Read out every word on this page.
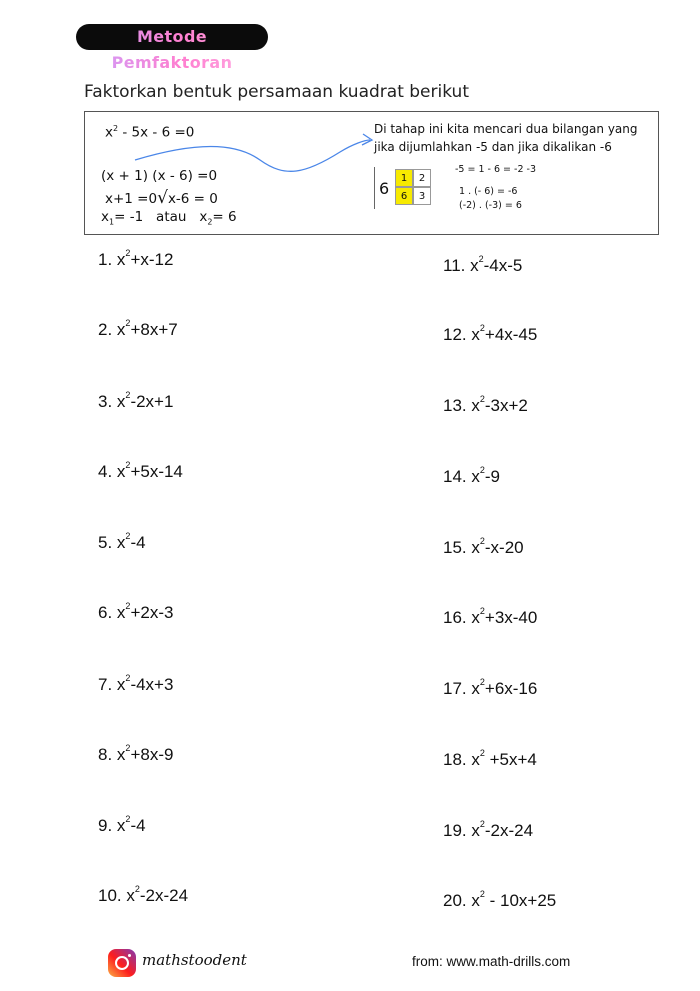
Metode Pemfaktoran
Faktorkan bentuk persamaan kuadrat berikut
$x^2 - 5x - 6 =0$
(x + 1) (x - 6) =0
x+1 =0√x-6 = 0
$x_1= -1$ atau $x_2= 6$
Di tahap ini kita mencari dua bilangan yang
jika dijumlahkan -5 dan jika dikalikan -6
6
1	2
6	3
-5 = 1 - 6 = -2 -3
1 . (- 6) = -6
(-2) . (-3) = 6
1. $x^2+x-12$
2. $x^2+8x+7$
3. $x^2-2x+1$
4. $x^2+5x-14$
5. $x^2-4$
6. $x^2+2x-3$
7. $x^2-4x+3$
8. $x^2+8x-9$
9. $x^2-4$
10. $x^2-2x-24$
11. $x^2-4x-5$
12. $x^2+4x-45$
13. $x^2-3x+2$
14. $x^2-9$
15. $x^2-x-20$
16. $x^2+3x-40$
17. $x^2+6x-16$
18. $x^2 +5x+4$
19. $x^2-2x-24$
20. $x^2 - 10x+25$
mathstoodent	from: www.math-drills.com
